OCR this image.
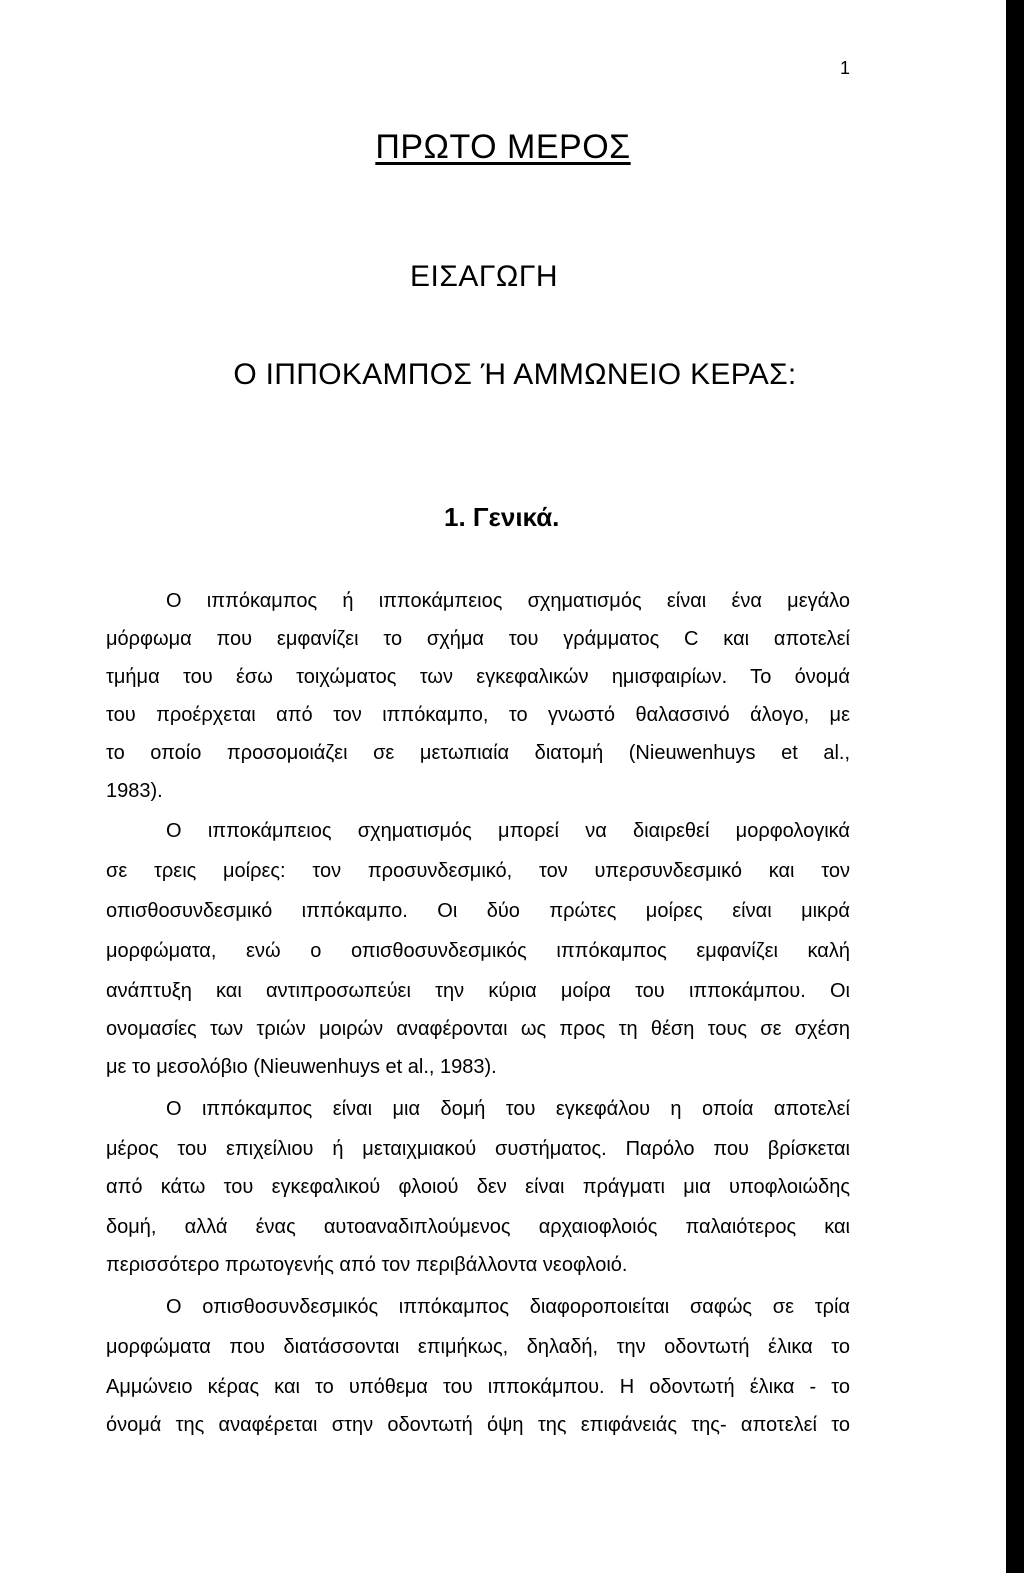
1
ΠΡΩΤΟ ΜΕΡΟΣ
ΕΙΣΑΓΩΓΗ
Ο ΙΠΠΟΚΑΜΠΟΣ Ή ΑΜΜΩΝΕΙΟ ΚΕΡΑΣ:
1. Γενικά.
Ο ιππόκαμπος ή ιπποκάμπειος σχηματισμός είναι ένα μεγάλο
μόρφωμα που εμφανίζει το σχήμα του γράμματος C και αποτελεί
τμήμα του έσω τοιχώματος των εγκεφαλικών ημισφαιρίων. Το όνομά
του προέρχεται από τον ιππόκαμπο, το γνωστό θαλασσινό άλογο, με
το οποίο προσομοιάζει σε μετωπιαία διατομή (Nieuwenhuys et al.,
1983).
Ο ιπποκάμπειος σχηματισμός μπορεί να διαιρεθεί μορφολογικά
σε τρεις μοίρες: τον προσυνδεσμικό, τον υπερσυνδεσμικό και τον
οπισθοσυνδεσμικό ιππόκαμπο. Οι δύο πρώτες μοίρες είναι μικρά
μορφώματα, ενώ ο οπισθοσυνδεσμικός ιππόκαμπος εμφανίζει καλή
ανάπτυξη και αντιπροσωπεύει την κύρια μοίρα του ιπποκάμπου. Οι
ονομασίες των τριών μοιρών αναφέρονται ως προς τη θέση τους σε σχέση
με το μεσολόβιο (Nieuwenhuys et al., 1983).
Ο ιππόκαμπος είναι μια δομή του εγκεφάλου η οποία αποτελεί
μέρος του επιχείλιου ή μεταιχμιακού συστήματος. Παρόλο που βρίσκεται
από κάτω του εγκεφαλικού φλοιού δεν είναι πράγματι μια υποφλοιώδης
δομή, αλλά ένας αυτοαναδιπλούμενος αρχαιοφλοιός παλαιότερος και
περισσότερο πρωτογενής από τον περιβάλλοντα νεοφλοιό.
Ο οπισθοσυνδεσμικός ιππόκαμπος διαφοροποιείται σαφώς σε τρία
μορφώματα που διατάσσονται επιμήκως, δηλαδή, την οδοντωτή έλικα το
Αμμώνειο κέρας και το υπόθεμα του ιπποκάμπου. Η οδοντωτή έλικα - το
όνομά της αναφέρεται στην οδοντωτή όψη της επιφάνειάς της- αποτελεί το
